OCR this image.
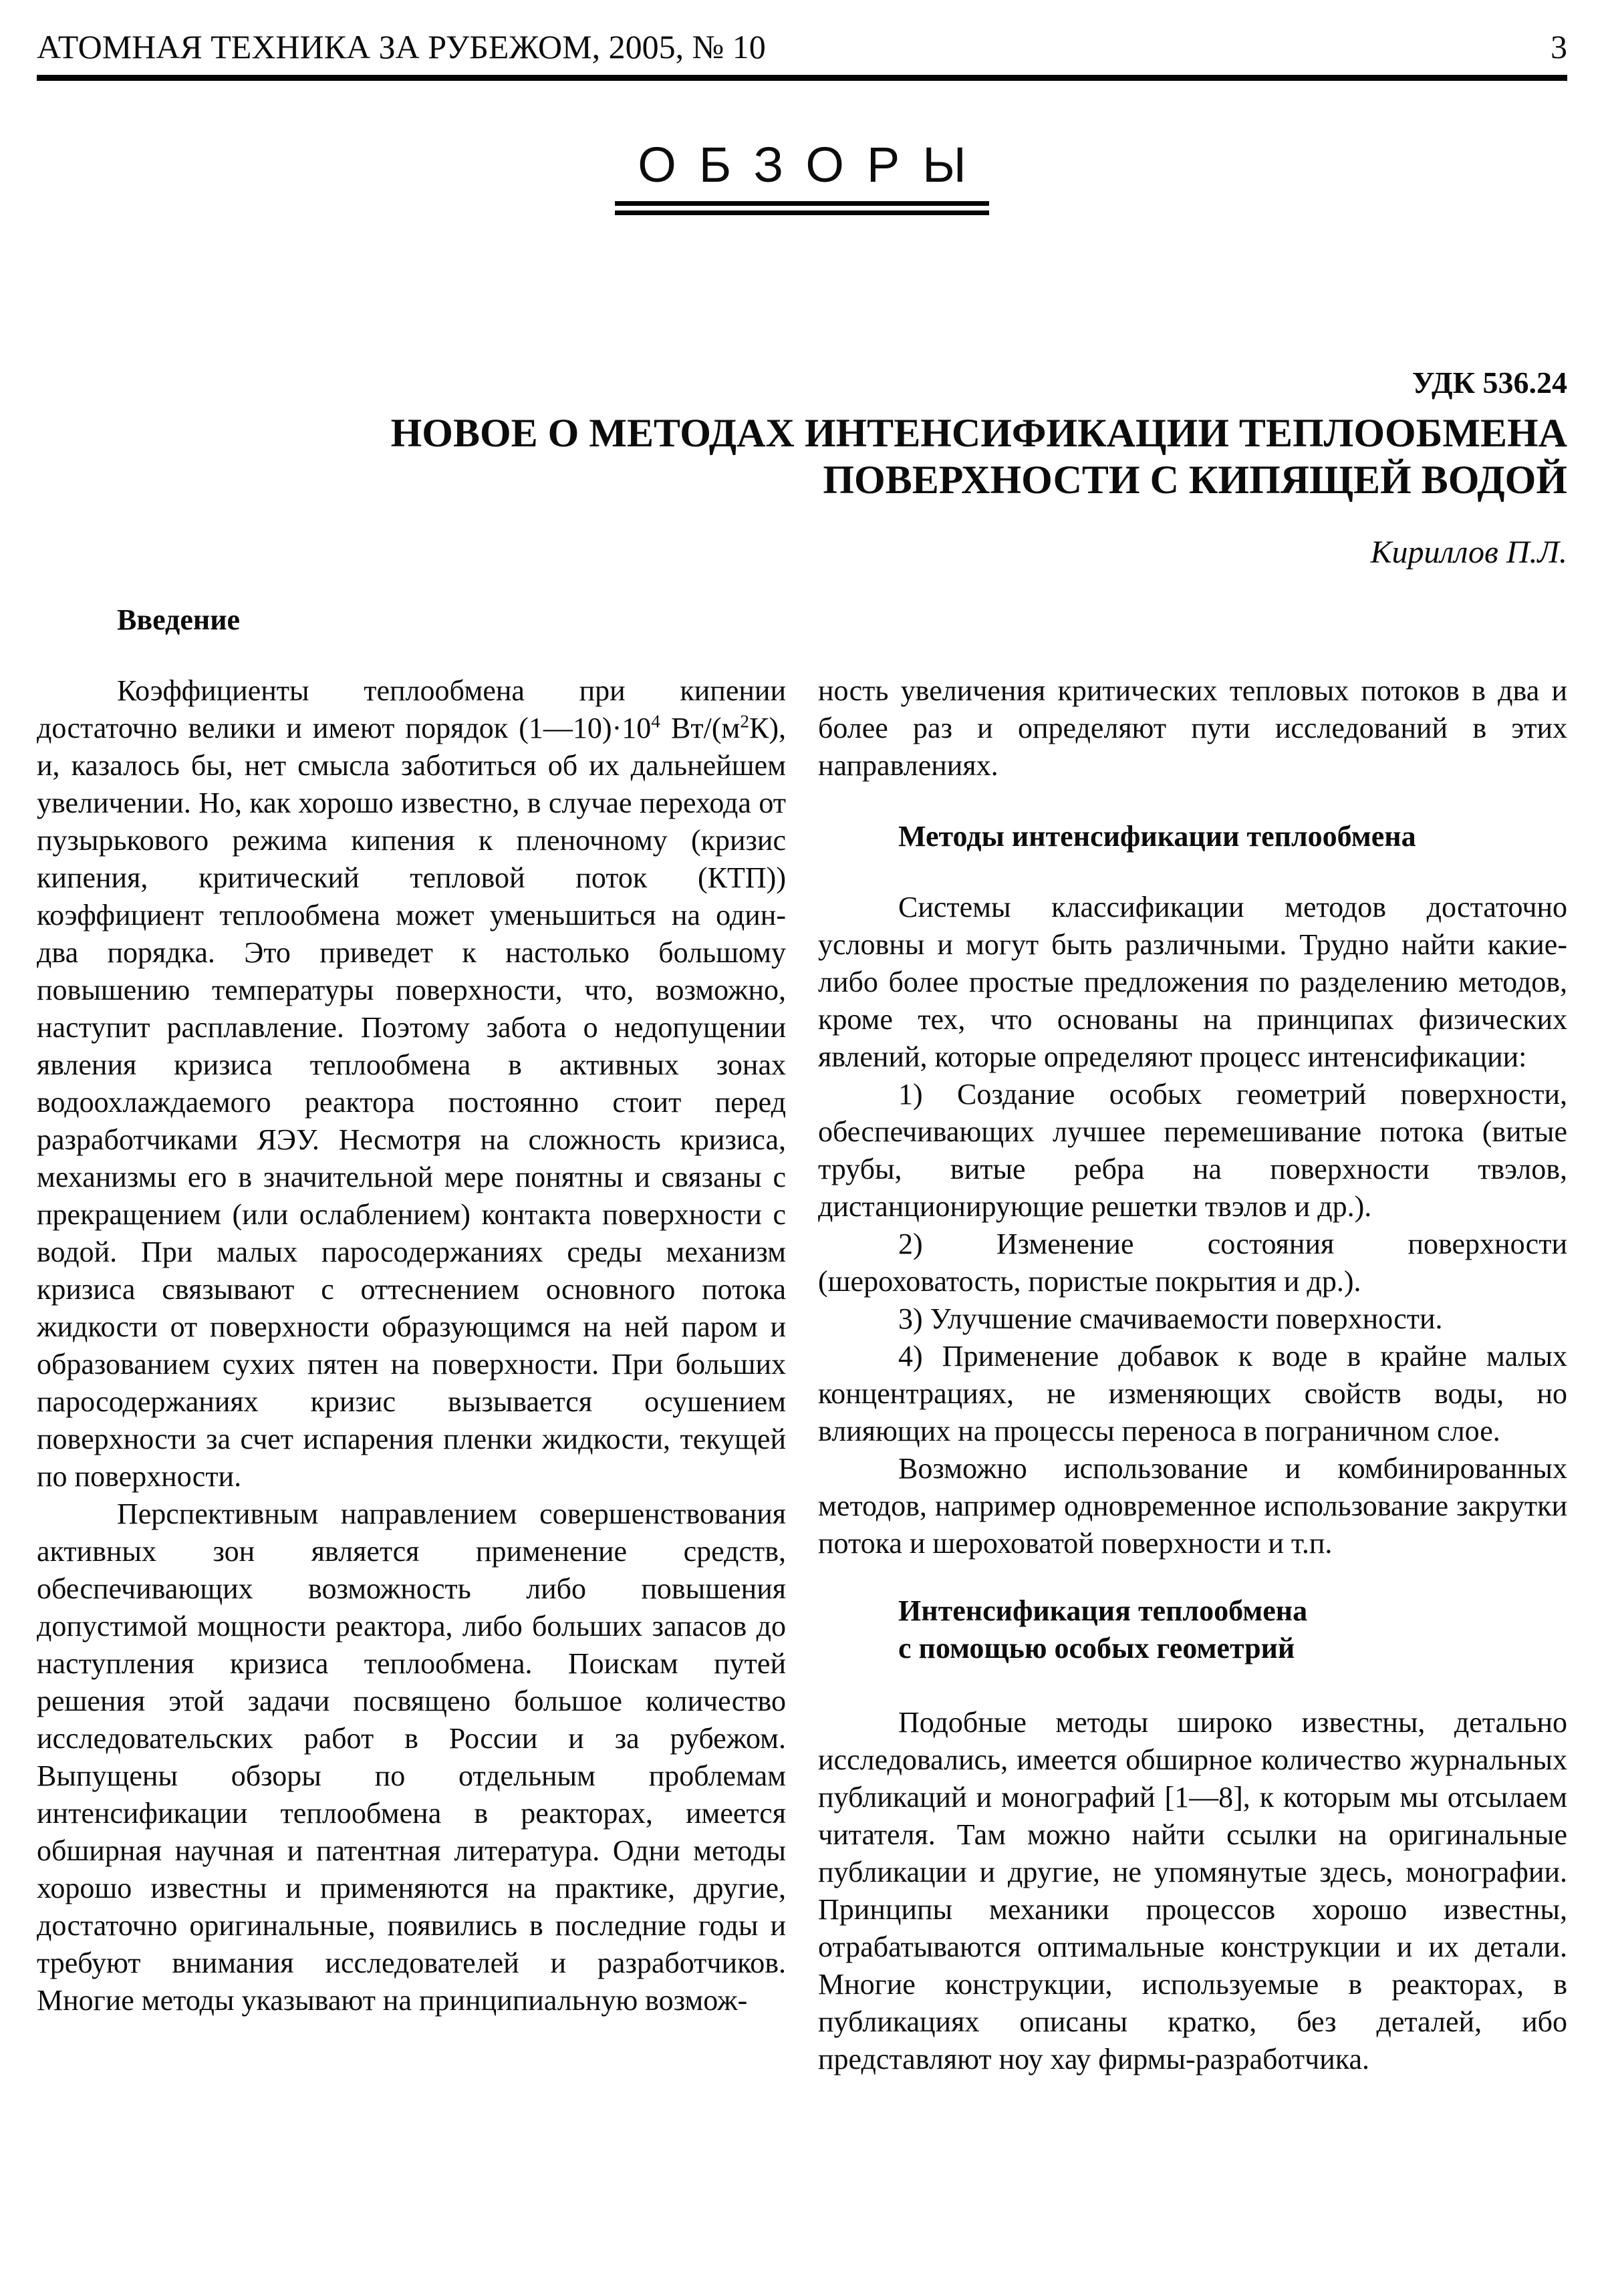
АТОМНАЯ ТЕХНИКА ЗА РУБЕЖОМ, 2005, № 10	3
ОБЗОРЫ
УДК 536.24
НОВОЕ О МЕТОДАХ ИНТЕНСИФИКАЦИИ ТЕПЛООБМЕНА
ПОВЕРХНОСТИ С КИПЯЩЕЙ ВОДОЙ
Кириллов П.Л.
Введение

Коэффициенты теплообмена при кипении достаточно велики и имеют порядок $(1—10)\cdot 10^4$ $Вт/(м^2К)$, и, казалось бы, нет смысла заботиться об их дальнейшем увеличении. Но, как хорошо известно, в случае перехода от пузырькового режима кипения к пленочному (кризис кипения, критический тепловой поток (КТП)) коэффициент теплообмена может уменьшиться на один-два порядка. Это приведет к настолько большому повышению температуры поверхности, что, возможно, наступит расплавление. Поэтому забота о недопущении явления кризиса теплообмена в активных зонах водоохлаждаемого реактора постоянно стоит перед разработчиками ЯЭУ. Несмотря на сложность кризиса, механизмы его в значительной мере понятны и связаны с прекращением (или ослаблением) контакта поверхности с водой. При малых паросодержаниях среды механизм кризиса связывают с оттеснением основного потока жидкости от поверхности образующимся на ней паром и образованием сухих пятен на поверхности. При больших паросодержаниях кризис вызывается осушением поверхности за счет испарения пленки жидкости, текущей по поверхности.

Перспективным направлением совершенствования активных зон является применение средств, обеспечивающих возможность либо повышения допустимой мощности реактора, либо больших запасов до наступления кризиса теплообмена. Поискам путей решения этой задачи посвящено большое количество исследовательских работ в России и за рубежом. Выпущены обзоры по отдельным проблемам интенсификации теплообмена в реакторах, имеется обширная научная и патентная литература. Одни методы хорошо известны и применяются на практике, другие, достаточно оригинальные, появились в последние годы и требуют внимания исследователей и разработчиков. Многие методы указывают на принципиальную возмож-

ность увеличения критических тепловых потоков в два и более раз и определяют пути исследований в этих направлениях.

Методы интенсификации теплообмена

Системы классификации методов достаточно условны и могут быть различными. Трудно найти какие-либо более простые предложения по разделению методов, кроме тех, что основаны на принципах физических явлений, которые определяют процесс интенсификации:

1) Создание особых геометрий поверхности, обеспечивающих лучшее перемешивание потока (витые трубы, витые ребра на поверхности твэлов, дистанционирующие решетки твэлов и др.).

2) Изменение состояния поверхности (шероховатость, пористые покрытия и др.).

3) Улучшение смачиваемости поверхности.

4) Применение добавок к воде в крайне малых концентрациях, не изменяющих свойств воды, но влияющих на процессы переноса в пограничном слое.

Возможно использование и комбинированных методов, например одновременное использование закрутки потока и шероховатой поверхности и т.п.

Интенсификация теплообмена
с помощью особых геометрий

Подобные методы широко известны, детально исследовались, имеется обширное количество журнальных публикаций и монографий [1—8], к которым мы отсылаем читателя. Там можно найти ссылки на оригинальные публикации и другие, не упомянутые здесь, монографии. Принципы механики процессов хорошо известны, отрабатываются оптимальные конструкции и их детали. Многие конструкции, используемые в реакторах, в публикациях описаны кратко, без деталей, ибо представляют ноу хау фирмы-разработчика.
